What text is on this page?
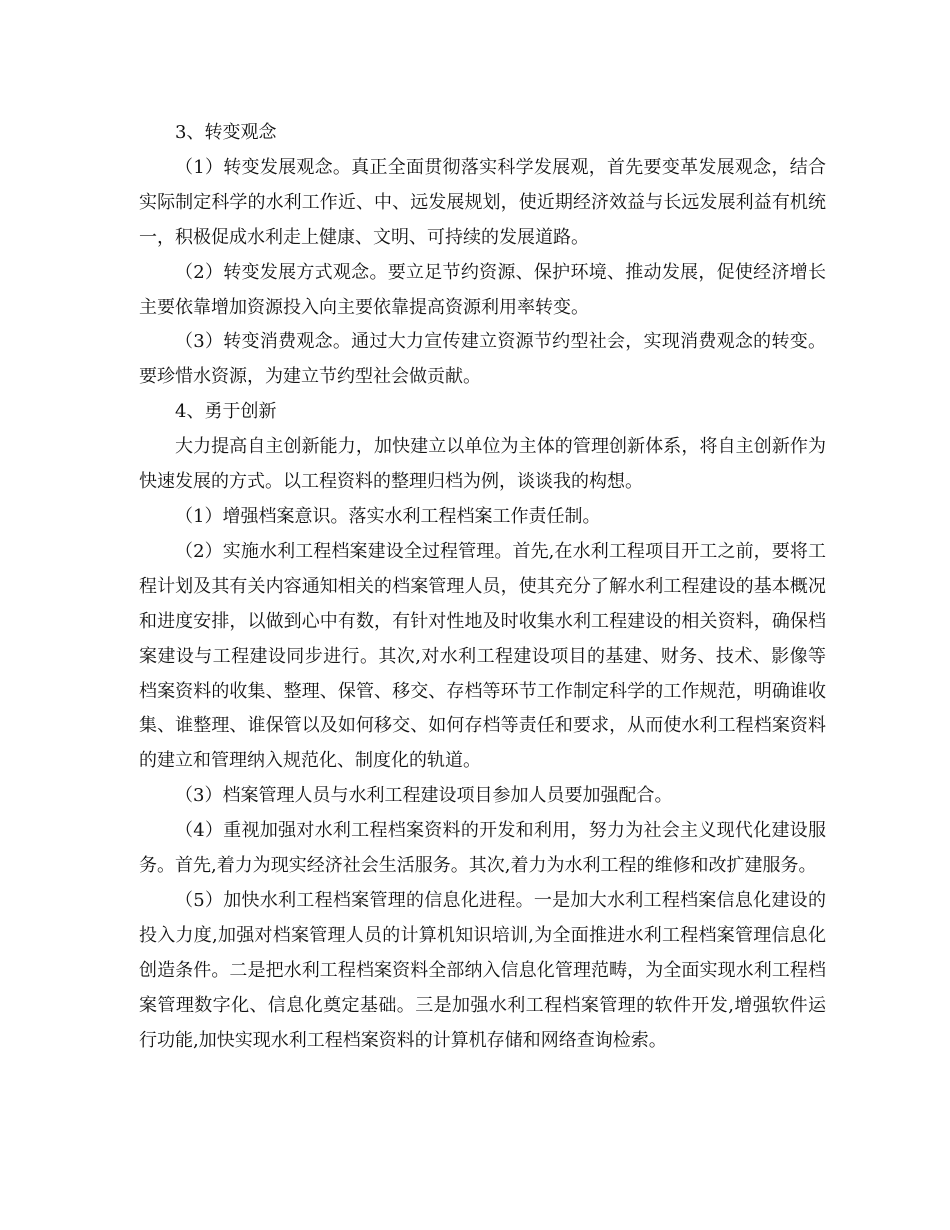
3、转变观念

（1）转变发展观念。真正全面贯彻落实科学发展观，首先要变革发展观念，结合实际制定科学的水利工作近、中、远发展规划，使近期经济效益与长远发展利益有机统一，积极促成水利走上健康、文明、可持续的发展道路。

（2）转变发展方式观念。要立足节约资源、保护环境、推动发展，促使经济增长主要依靠增加资源投入向主要依靠提高资源利用率转变。

（3）转变消费观念。通过大力宣传建立资源节约型社会，实现消费观念的转变。要珍惜水资源，为建立节约型社会做贡献。

4、勇于创新

大力提高自主创新能力，加快建立以单位为主体的管理创新体系，将自主创新作为快速发展的方式。以工程资料的整理归档为例，谈谈我的构想。

（1）增强档案意识。落实水利工程档案工作责任制。

（2）实施水利工程档案建设全过程管理。首先,在水利工程项目开工之前，要将工程计划及其有关内容通知相关的档案管理人员，使其充分了解水利工程建设的基本概况和进度安排，以做到心中有数，有针对性地及时收集水利工程建设的相关资料，确保档案建设与工程建设同步进行。其次,对水利工程建设项目的基建、财务、技术、影像等档案资料的收集、整理、保管、移交、存档等环节工作制定科学的工作规范，明确谁收集、谁整理、谁保管以及如何移交、如何存档等责任和要求，从而使水利工程档案资料的建立和管理纳入规范化、制度化的轨道。

（3）档案管理人员与水利工程建设项目参加人员要加强配合。

（4）重视加强对水利工程档案资料的开发和利用，努力为社会主义现代化建设服务。首先,着力为现实经济社会生活服务。其次,着力为水利工程的维修和改扩建服务。

（5）加快水利工程档案管理的信息化进程。一是加大水利工程档案信息化建设的投入力度,加强对档案管理人员的计算机知识培训,为全面推进水利工程档案管理信息化创造条件。二是把水利工程档案资料全部纳入信息化管理范畴，为全面实现水利工程档案管理数字化、信息化奠定基础。三是加强水利工程档案管理的软件开发,增强软件运行功能,加快实现水利工程档案资料的计算机存储和网络查询检索。
